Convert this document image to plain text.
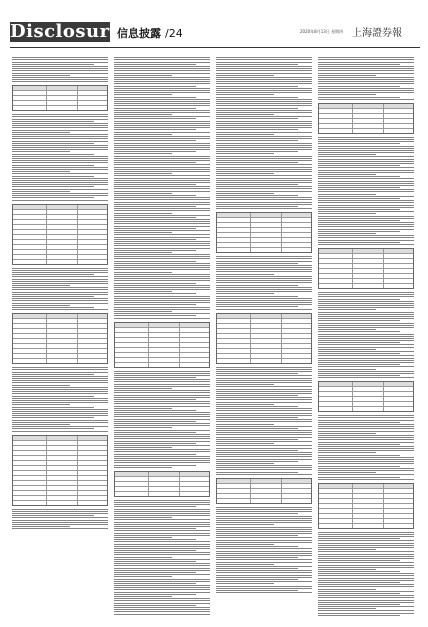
Disclosure
信息披露 /24	2020年8月13日 星期四 上海證券報
